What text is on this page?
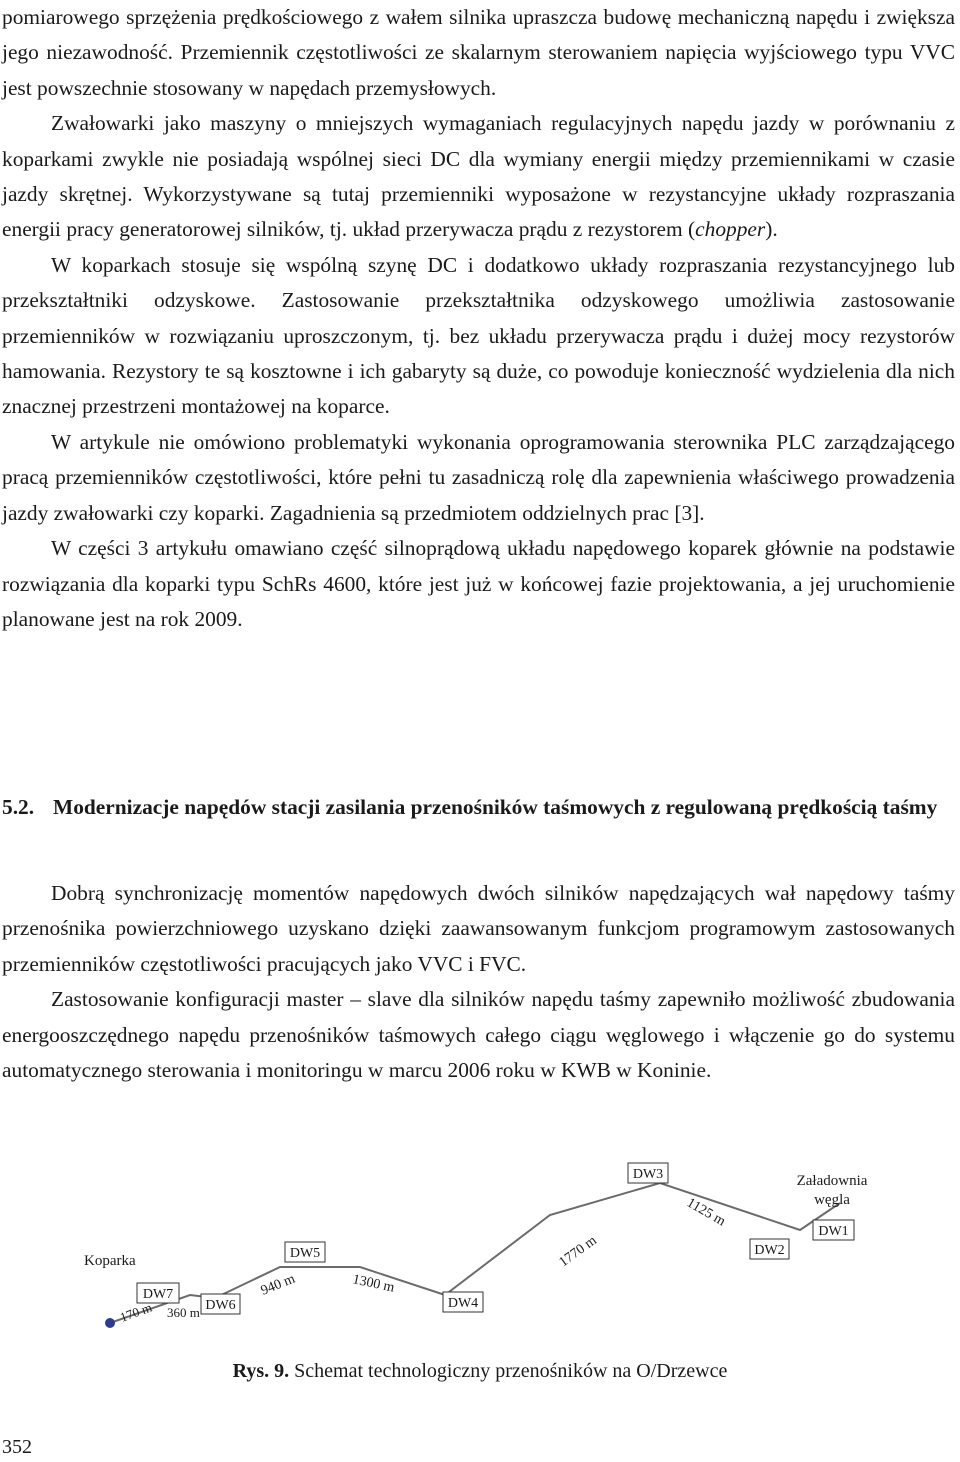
pomiarowego sprzężenia prędkościowego z wałem silnika upraszcza budowę mechaniczną napędu i zwiększa jego niezawodność. Przemiennik częstotliwości ze skalarnym sterowaniem napięcia wyjściowego typu VVC jest powszechnie stosowany w napędach przemysłowych.

Zwałowarki jako maszyny o mniejszych wymaganiach regulacyjnych napędu jazdy w porównaniu z koparkami zwykle nie posiadają wspólnej sieci DC dla wymiany energii między przemiennikami w czasie jazdy skrętnej. Wykorzystywane są tutaj przemienniki wyposażone w rezystancyjne układy rozpraszania energii pracy generatorowej silników, tj. układ przerywacza prądu z rezystorem (chopper).

W koparkach stosuje się wspólną szynę DC i dodatkowo układy rozpraszania rezystancyjnego lub przekształtniki odzyskowe. Zastosowanie przekształtnika odzyskowego umożliwia zastosowanie przemienników w rozwiązaniu uproszczonym, tj. bez układu przerywacza prądu i dużej mocy rezystorów hamowania. Rezystory te są kosztowne i ich gabaryty są duże, co powoduje konieczność wydzielenia dla nich znacznej przestrzeni montażowej na koparce.

W artykule nie omówiono problematyki wykonania oprogramowania sterownika PLC zarządzającego pracą przemienników częstotliwości, które pełni tu zasadniczą rolę dla zapewnienia właściwego prowadzenia jazdy zwałowarki czy koparki. Zagadnienia są przedmiotem oddzielnych prac [3].

W części 3 artykułu omawiano część silnoprądową układu napędowego koparek głównie na podstawie rozwiązania dla koparki typu SchRs 4600, które jest już w końcowej fazie projektowania, a jej uruchomienie planowane jest na rok 2009.

5.2. Modernizacje napędów stacji zasilania przenośników taśmowych z regulowaną prędkością taśmy

Dobrą synchronizację momentów napędowych dwóch silników napędzających wał napędowy taśmy przenośnika powierzchniowego uzyskano dzięki zaawansowanym funkcjom programowym zastosowanych przemienników częstotliwości pracujących jako VVC i FVC.

Zastosowanie konfiguracji master – slave dla silników napędu taśmy zapewniło możliwość zbudowania energooszczędnego napędu przenośników taśmowych całego ciągu węglowego i włączenie go do systemu automatycznego sterowania i monitoringu w marcu 2006 roku w KWB w Koninie.

DW7
DW6
DW5
DW4
DW3
DW2
DW1
Koparka
Załadownia
węgla
170 m 360 m
940 m	1300 m
1770 m
1125 m
Rys. 9. Schemat technologiczny przenośników na O/Drzewce
352
